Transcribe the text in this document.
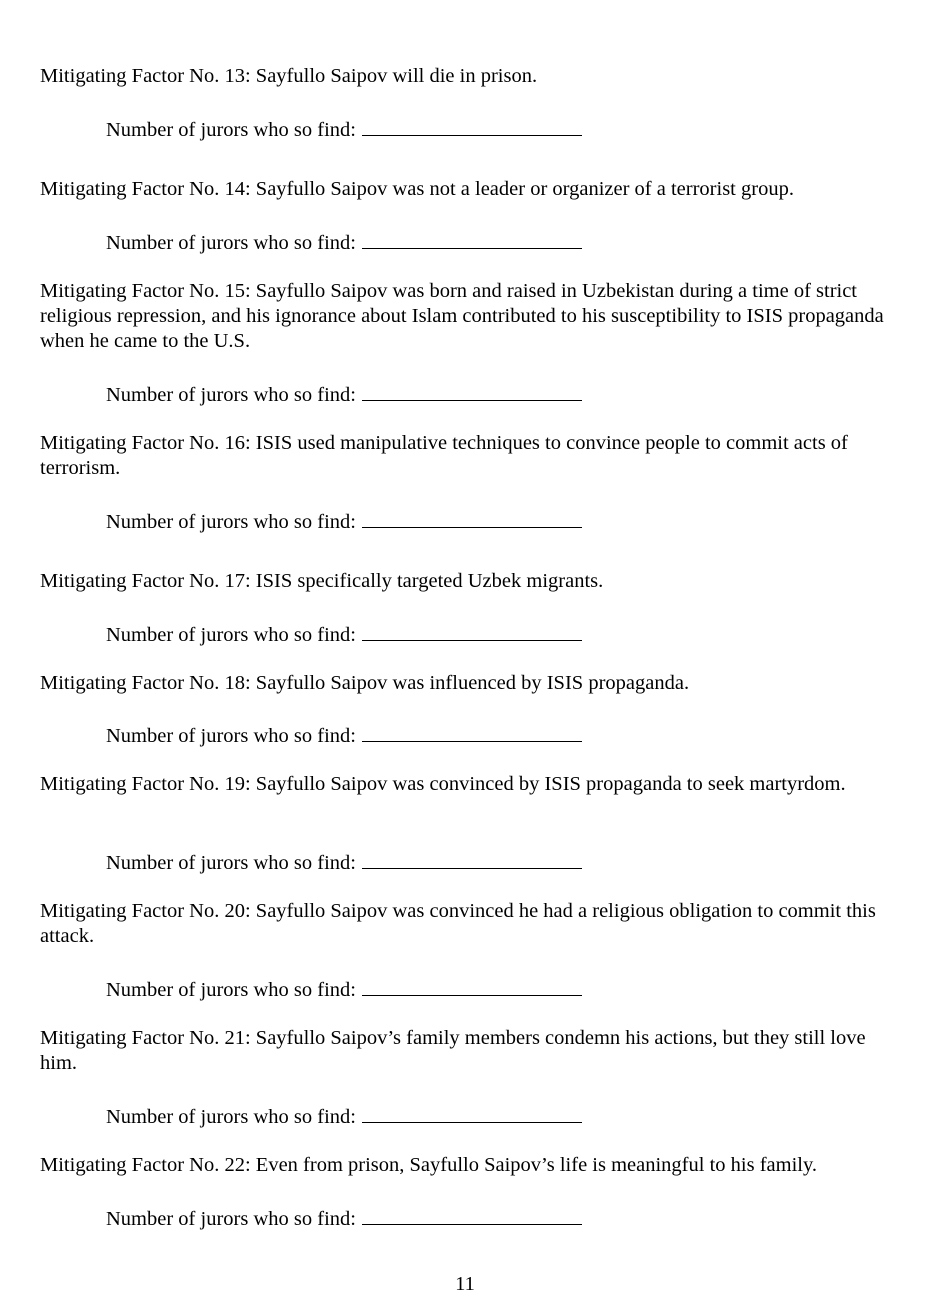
Mitigating Factor No. 13: Sayfullo Saipov will die in prison.

Number of jurors who so find:

Mitigating Factor No. 14: Sayfullo Saipov was not a leader or organizer of a terrorist group.

Number of jurors who so find:

Mitigating Factor No. 15: Sayfullo Saipov was born and raised in Uzbekistan during a time of strict religious repression, and his ignorance about Islam contributed to his susceptibility to ISIS propaganda when he came to the U.S.

Number of jurors who so find:

Mitigating Factor No. 16: ISIS used manipulative techniques to convince people to commit acts of terrorism.

Number of jurors who so find:

Mitigating Factor No. 17: ISIS specifically targeted Uzbek migrants.

Number of jurors who so find:

Mitigating Factor No. 18: Sayfullo Saipov was influenced by ISIS propaganda.

Number of jurors who so find:

Mitigating Factor No. 19: Sayfullo Saipov was convinced by ISIS propaganda to seek martyrdom.

Number of jurors who so find:

Mitigating Factor No. 20: Sayfullo Saipov was convinced he had a religious obligation to commit this attack.

Number of jurors who so find:

Mitigating Factor No. 21: Sayfullo Saipov’s family members condemn his actions, but they still love him.

Number of jurors who so find:

Mitigating Factor No. 22: Even from prison, Sayfullo Saipov’s life is meaningful to his family.

Number of jurors who so find:

11
